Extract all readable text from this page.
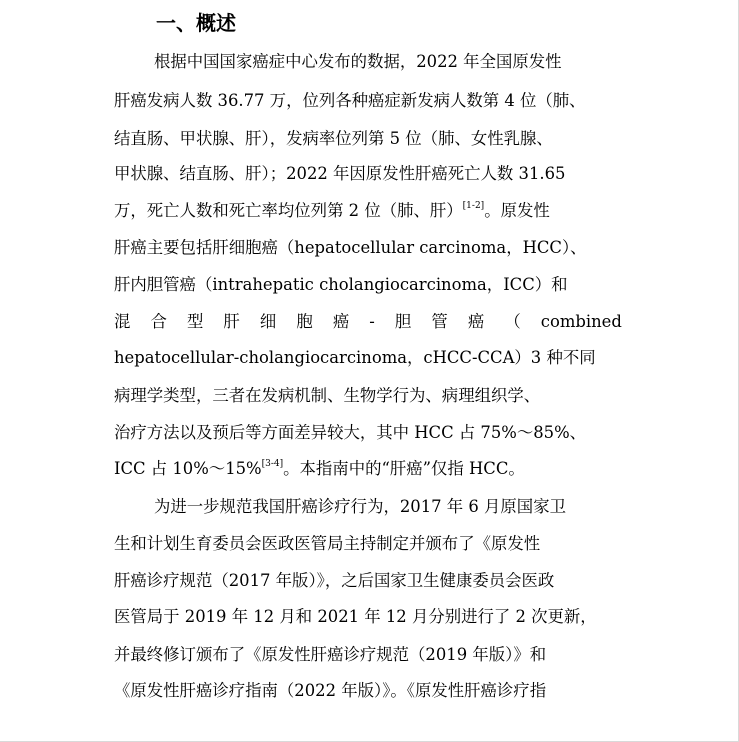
一、概述
根据中国国家癌症中心发布的数据，2022 年全国原发性
肝癌发病人数 36.77 万，位列各种癌症新发病人数第 4 位（肺、
结直肠、甲状腺、肝），发病率位列第 5 位（肺、女性乳腺、
甲状腺、结直肠、肝）；2022 年因原发性肝癌死亡人数 31.65
万，死亡人数和死亡率均位列第 2 位（肺、肝）[1-2]。原发性
肝癌主要包括肝细胞癌（hepatocellular carcinoma，HCC）、
肝内胆管癌（intrahepatic cholangiocarcinoma，ICC）和
混 合 型 肝 细 胞 癌 - 胆 管 癌 （ combined
hepatocellular-cholangiocarcinoma，cHCC-CCA）3 种不同
病理学类型，三者在发病机制、生物学行为、病理组织学、
治疗方法以及预后等方面差异较大，其中 HCC 占 75%～85%、
ICC 占 10%～15%[3-4]。本指南中的“肝癌”仅指 HCC。
为进一步规范我国肝癌诊疗行为，2017 年 6 月原国家卫
生和计划生育委员会医政医管局主持制定并颁布了《原发性
肝癌诊疗规范（2017 年版）》，之后国家卫生健康委员会医政
医管局于 2019 年 12 月和 2021 年 12 月分别进行了 2 次更新，
并最终修订颁布了《原发性肝癌诊疗规范（2019 年版）》和
《原发性肝癌诊疗指南（2022 年版）》。《原发性肝癌诊疗指
